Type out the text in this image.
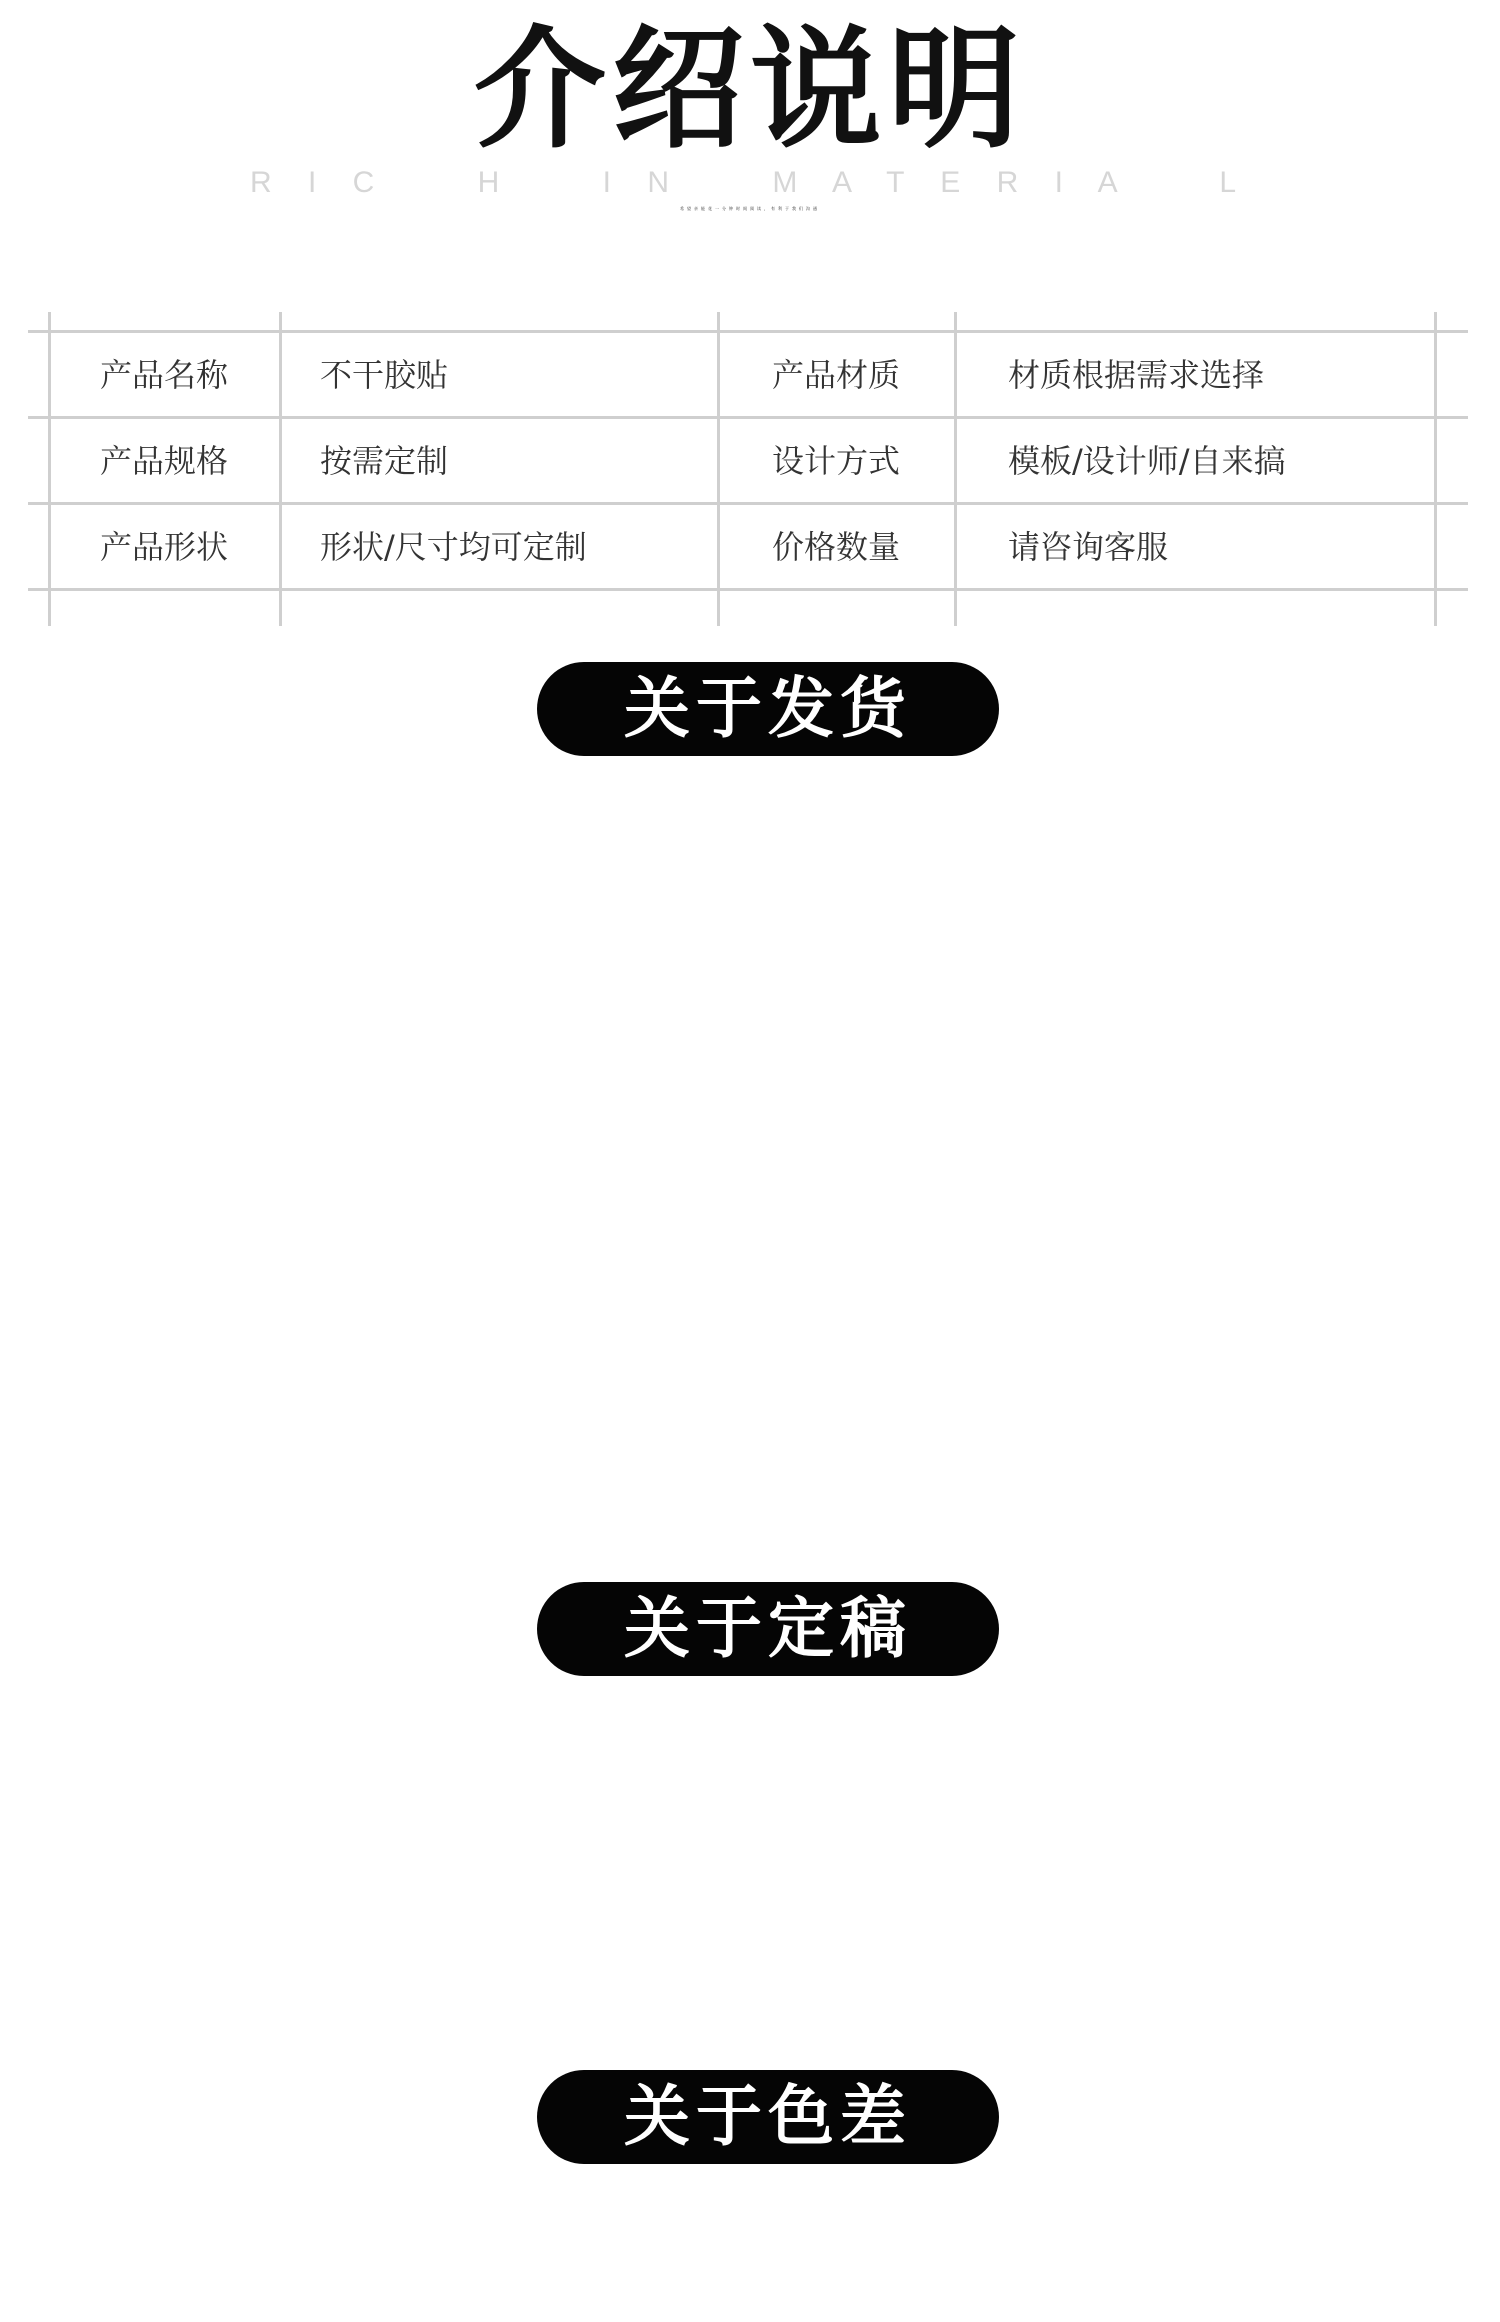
介绍说明
R I C    H    I N    M A T E R I A    L
希望亲能花一分钟时间阅读，有利于我们沟通
产品名称	不干胶贴	产品材质	材质根据需求选择
产品规格	按需定制	设计方式	模板/设计师/自来搞
产品形状	形状/尺寸均可定制	价格数量	请咨询客服
关于发货
关于定稿
关于色差
